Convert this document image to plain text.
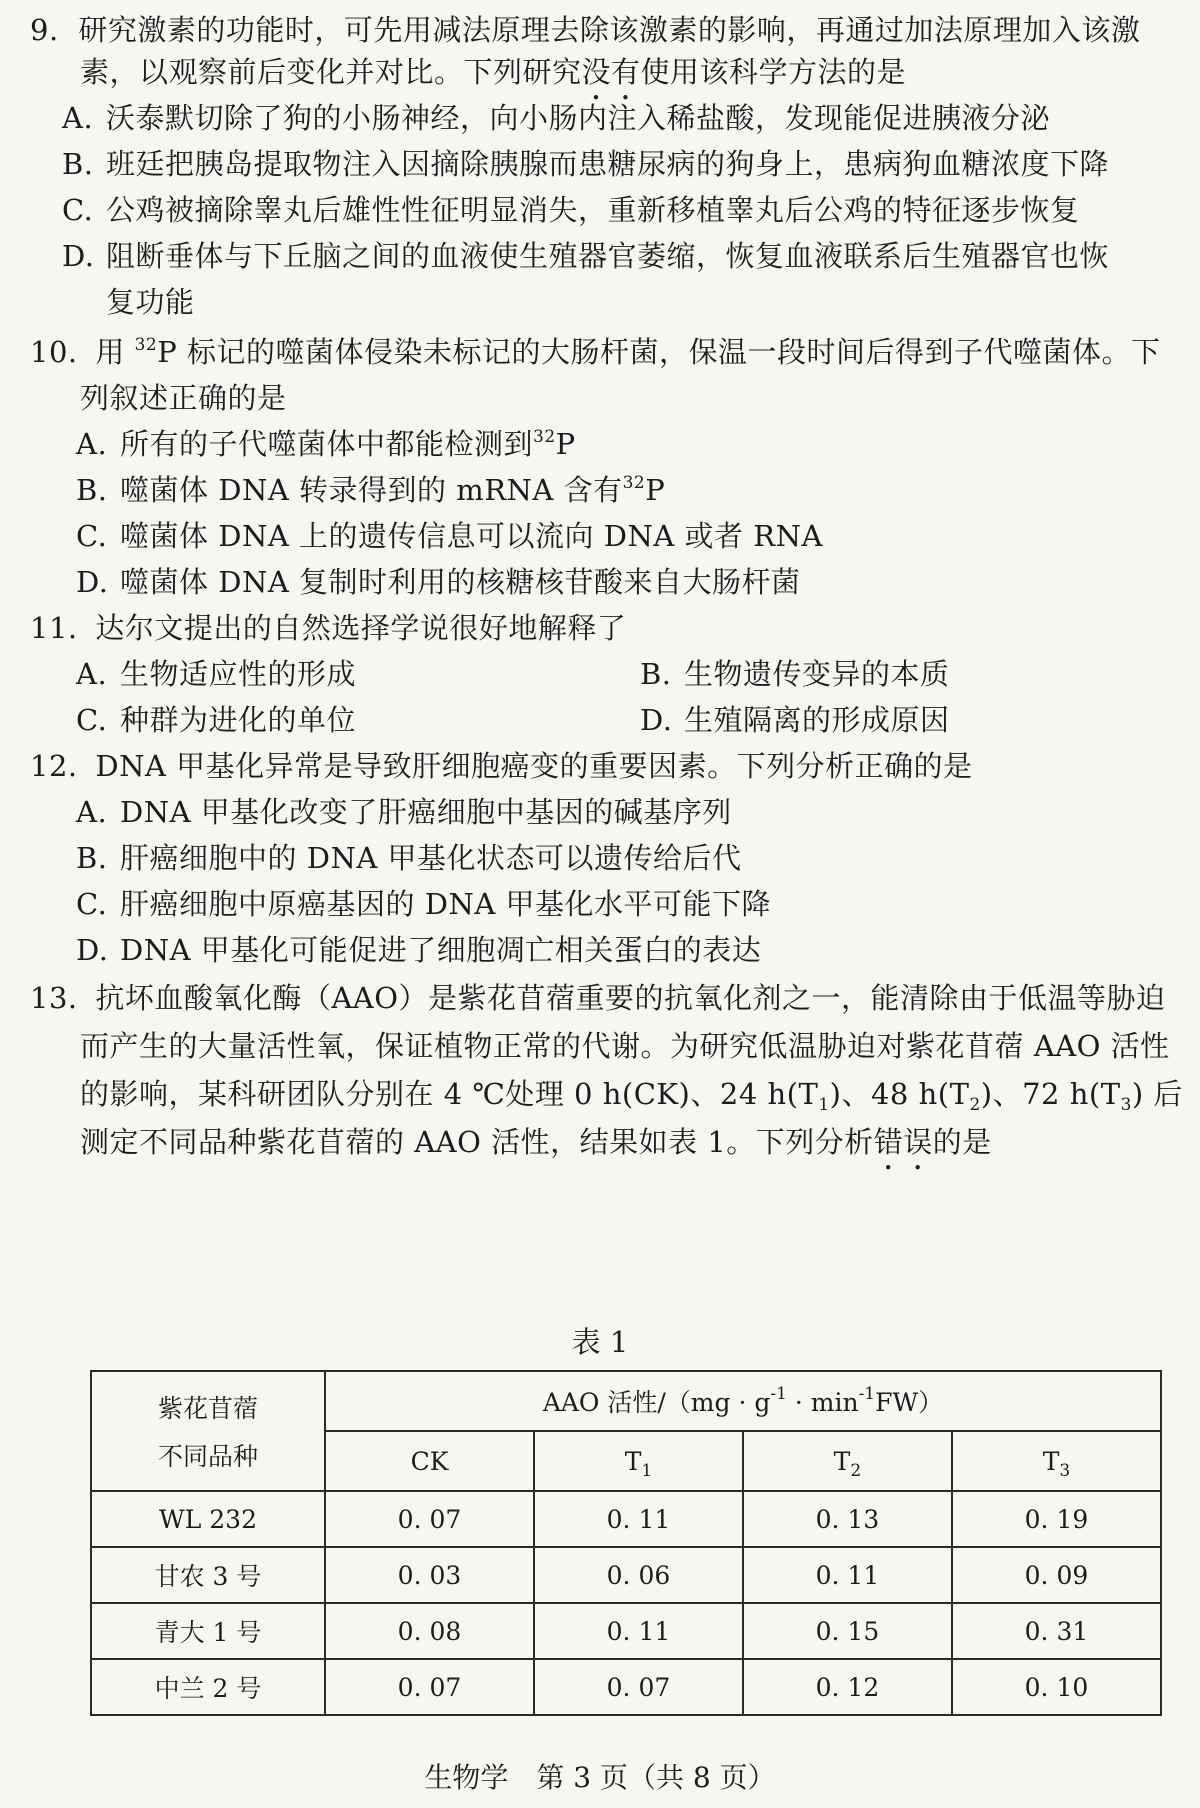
9. 研究激素的功能时，可先用减法原理去除该激素的影响，再通过加法原理加入该激
素，以观察前后变化并对比。下列研究没有使用该科学方法的是
A. 沃泰默切除了狗的小肠神经，向小肠内注入稀盐酸，发现能促进胰液分泌
B. 班廷把胰岛提取物注入因摘除胰腺而患糖尿病的狗身上，患病狗血糖浓度下降
C. 公鸡被摘除睾丸后雄性性征明显消失，重新移植睾丸后公鸡的特征逐步恢复
D. 阻断垂体与下丘脑之间的血液使生殖器官萎缩，恢复血液联系后生殖器官也恢
复功能
10. 用 $^{32}$P 标记的噬菌体侵染未标记的大肠杆菌，保温一段时间后得到子代噬菌体。下
列叙述正确的是
A. 所有的子代噬菌体中都能检测到$^{32}$P
B. 噬菌体 DNA 转录得到的 mRNA 含有$^{32}$P
C. 噬菌体 DNA 上的遗传信息可以流向 DNA 或者 RNA
D. 噬菌体 DNA 复制时利用的核糖核苷酸来自大肠杆菌
11. 达尔文提出的自然选择学说很好地解释了
A. 生物适应性的形成	B. 生物遗传变异的本质
C. 种群为进化的单位	D. 生殖隔离的形成原因
12. DNA 甲基化异常是导致肝细胞癌变的重要因素。下列分析正确的是
A. DNA 甲基化改变了肝癌细胞中基因的碱基序列
B. 肝癌细胞中的 DNA 甲基化状态可以遗传给后代
C. 肝癌细胞中原癌基因的 DNA 甲基化水平可能下降
D. DNA 甲基化可能促进了细胞凋亡相关蛋白的表达
13. 抗坏血酸氧化酶（AAO）是紫花苜蓿重要的抗氧化剂之一，能清除由于低温等胁迫
而产生的大量活性氧，保证植物正常的代谢。为研究低温胁迫对紫花苜蓿 AAO 活性
的影响，某科研团队分别在 4 ℃处理 0 h(CK)、24 $h(T_1)$、48 $h(T_2)$、72 $h(T_3)$ 后
测定不同品种紫花苜蓿的 AAO 活性，结果如表 1。下列分析错误的是
表 1
紫花苜蓿
不同品种	AAO 活性$/(mg \cdot g^{-1} \cdot \min^{-1}FW)$			
	CK	$T_1$	$T_2$	$T_3$
WL 232	0. 07	0. 11	0. 13	0. 19
甘农 3 号	0. 03	0. 06	0. 11	0. 09
青大 1 号	0. 08	0. 11	0. 15	0. 31
中兰 2 号	0. 07	0. 07	0. 12	0. 10
生物学　第 3 页（共 8 页）
